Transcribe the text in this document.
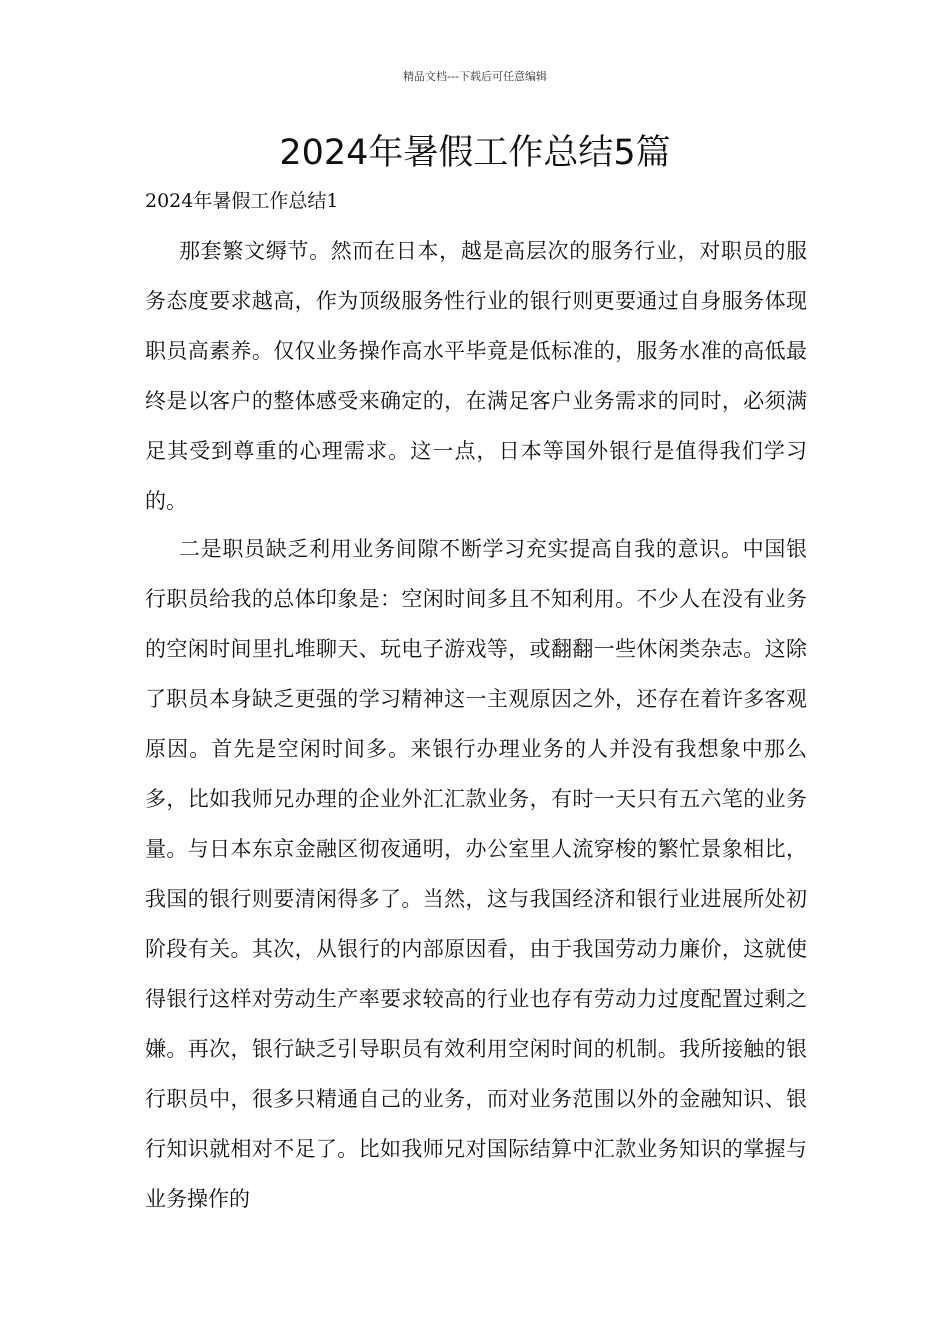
精品文档---下载后可任意编辑
2024年暑假工作总结5篇
2024年暑假工作总结1

那套繁文缛节。然而在日本，越是高层次的服务行业，对职员的服务态度要求越高，作为顶级服务性行业的银行则更要通过自身服务体现职员高素养。仅仅业务操作高水平毕竟是低标准的，服务水准的高低最终是以客户的整体感受来确定的，在满足客户业务需求的同时，必须满足其受到尊重的心理需求。这一点，日本等国外银行是值得我们学习的。

二是职员缺乏利用业务间隙不断学习充实提高自我的意识。中国银行职员给我的总体印象是：空闲时间多且不知利用。不少人在没有业务的空闲时间里扎堆聊天、玩电子游戏等，或翻翻一些休闲类杂志。这除了职员本身缺乏更强的学习精神这一主观原因之外，还存在着许多客观原因。首先是空闲时间多。来银行办理业务的人并没有我想象中那么多，比如我师兄办理的企业外汇汇款业务，有时一天只有五六笔的业务量。与日本东京金融区彻夜通明，办公室里人流穿梭的繁忙景象相比，我国的银行则要清闲得多了。当然，这与我国经济和银行业进展所处初阶段有关。其次，从银行的内部原因看，由于我国劳动力廉价，这就使得银行这样对劳动生产率要求较高的行业也存有劳动力过度配置过剩之嫌。再次，银行缺乏引导职员有效利用空闲时间的机制。我所接触的银行职员中，很多只精通自己的业务，而对业务范围以外的金融知识、银行知识就相对不足了。比如我师兄对国际结算中汇款业务知识的掌握与业务操作的
